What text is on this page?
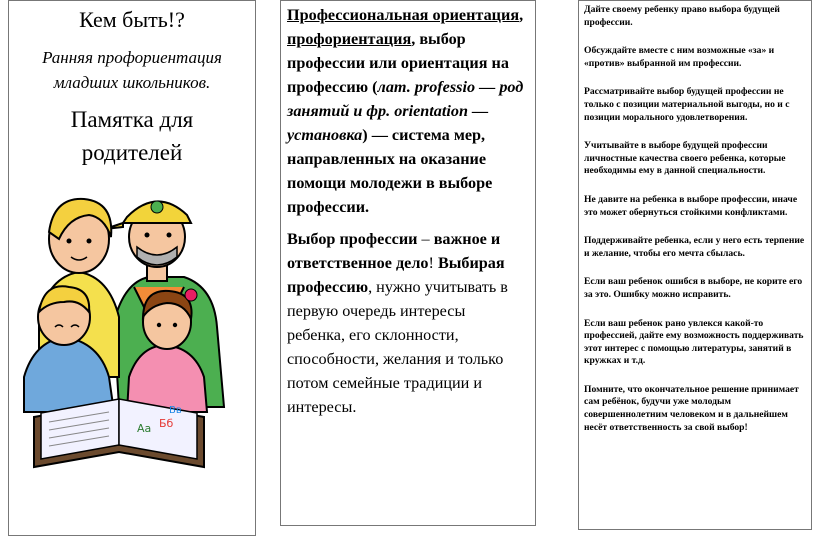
Кем быть!?
Ранняя профориентация
младших школьников.
Памятка для
родителей
Аа Бб
Вв

Профессиональная ориентация, профориентация, выбор профессии или ориентация на профессию (лат. professio — род занятий и фр. orientation — установка) — система мер, направленных на оказание помощи молодежи в выборе профессии.

Выбор профессии – важное и ответственное дело! Выбирая профессию, нужно учитывать в первую очередь интересы ребенка, его склонности, способности, желания и только потом семейные традиции и интересы.

Дайте своему ребенку право выбора будущей профессии.

Обсуждайте вместе с ним возможные «за» и «против» выбранной им профессии.

Рассматривайте выбор будущей профессии не только с позиции материальной выгоды, но и с позиции морального удовлетворения.

Учитывайте в выборе будущей профессии личностные качества своего ребенка, которые необходимы ему в данной специальности.

Не давите на ребенка в выборе профессии, иначе это может обернуться стойкими конфликтами.

Поддерживайте ребенка, если у него есть терпение и желание, чтобы его мечта сбылась.

Если ваш ребенок ошибся в выборе, не корите его за это. Ошибку можно исправить.

Если ваш ребенок рано увлекся какой-то профессией, дайте ему возможность поддерживать этот интерес с помощью литературы, занятий в кружках и т.д.

Помните, что окончательное решение принимает сам ребёнок, будучи уже молодым совершеннолетним человеком и в дальнейшем несёт ответственность за свой выбор!
